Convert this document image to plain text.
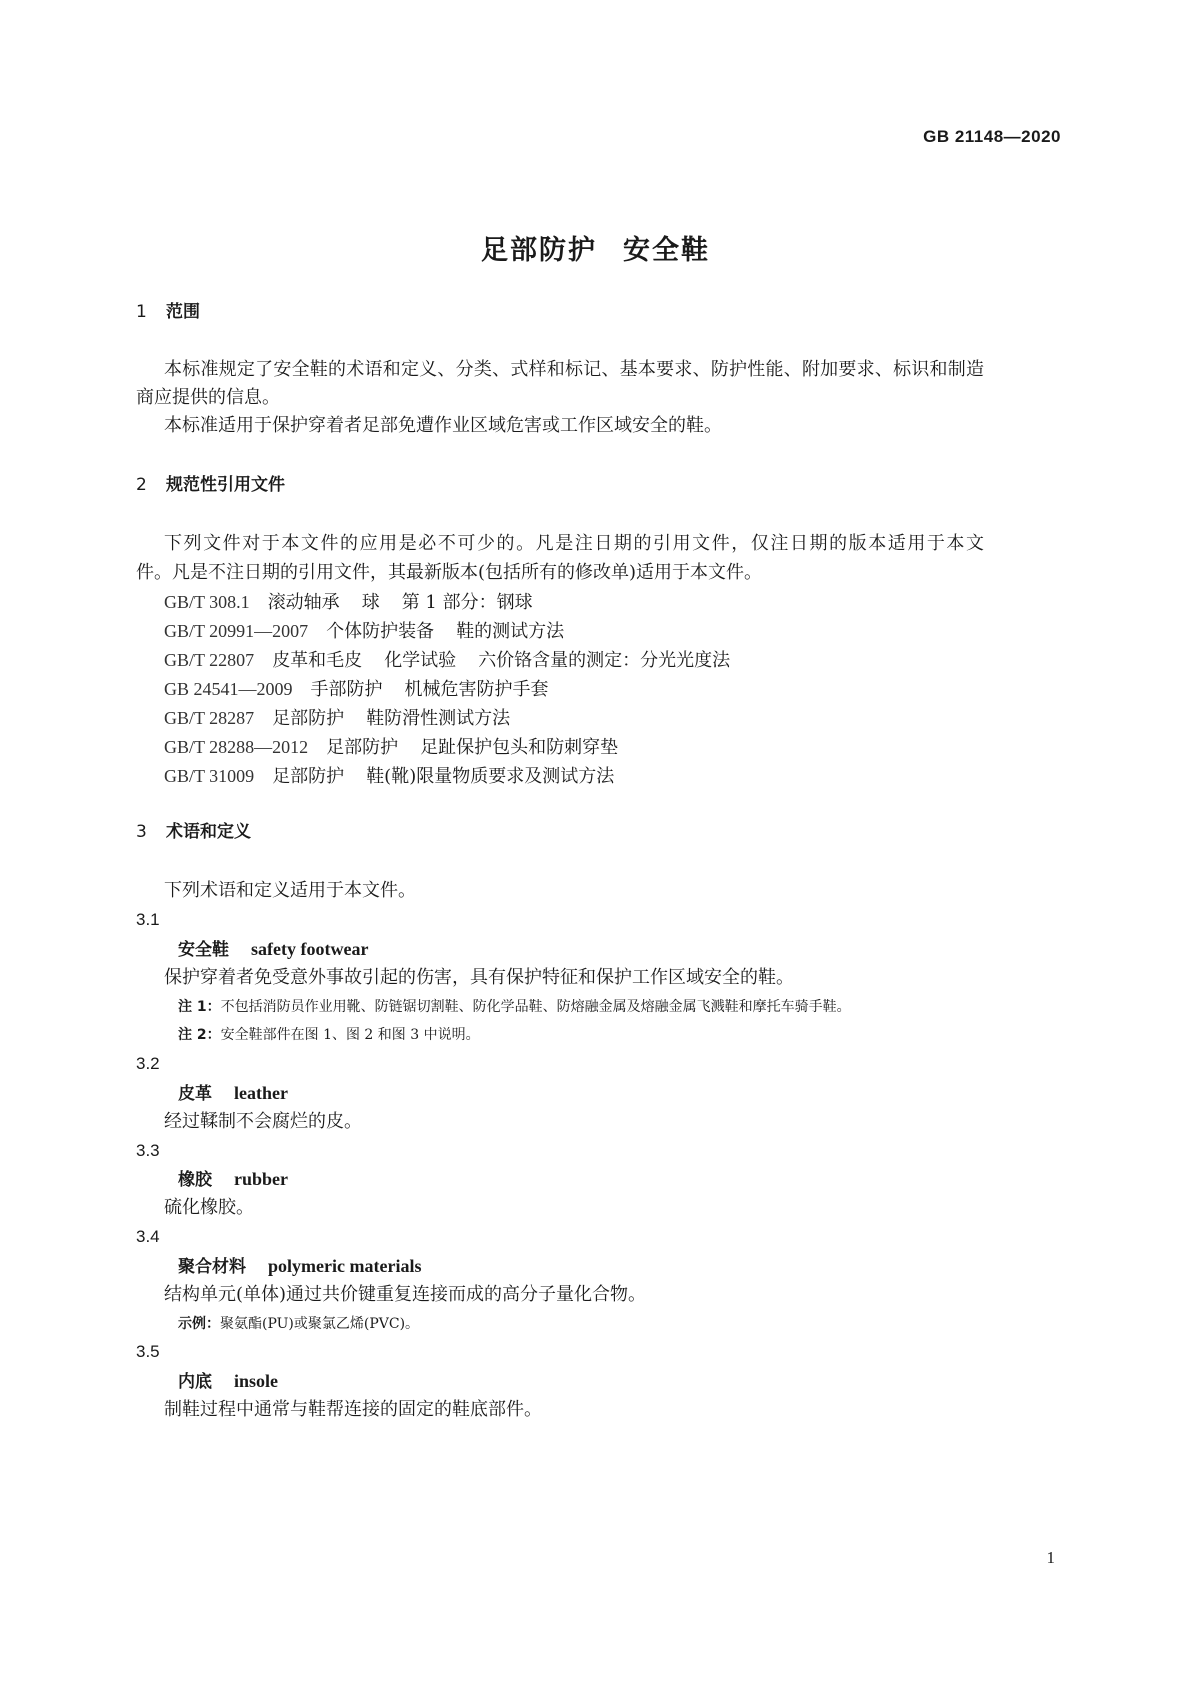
GB 21148—2020
足部防护 安全鞋
1 范围
本标准规定了安全鞋的术语和定义、分类、式样和标记、基本要求、防护性能、附加要求、标识和制造
商应提供的信息。
本标准适用于保护穿着者足部免遭作业区域危害或工作区域安全的鞋。
2 规范性引用文件
下列文件对于本文件的应用是必不可少的。凡是注日期的引用文件，仅注日期的版本适用于本文
件。凡是不注日期的引用文件，其最新版本(包括所有的修改单)适用于本文件。
GB/T 308.1 滚动轴承 球 第 1 部分：钢球
GB/T 20991—2007 个体防护装备 鞋的测试方法
GB/T 22807 皮革和毛皮 化学试验 六价铬含量的测定：分光光度法
GB 24541—2009 手部防护 机械危害防护手套
GB/T 28287 足部防护 鞋防滑性测试方法
GB/T 28288—2012 足部防护 足趾保护包头和防刺穿垫
GB/T 31009 足部防护 鞋(靴)限量物质要求及测试方法
3 术语和定义
下列术语和定义适用于本文件。
3.1
安全鞋 safety footwear
保护穿着者免受意外事故引起的伤害，具有保护特征和保护工作区域安全的鞋。
注 1：不包括消防员作业用靴、防链锯切割鞋、防化学品鞋、防熔融金属及熔融金属飞溅鞋和摩托车骑手鞋。
注 2：安全鞋部件在图 1、图 2 和图 3 中说明。
3.2
皮革 leather
经过鞣制不会腐烂的皮。
3.3
橡胶 rubber
硫化橡胶。
3.4
聚合材料 polymeric materials
结构单元(单体)通过共价键重复连接而成的高分子量化合物。
示例：聚氨酯(PU)或聚氯乙烯(PVC)。
3.5
内底 insole
制鞋过程中通常与鞋帮连接的固定的鞋底部件。
1
